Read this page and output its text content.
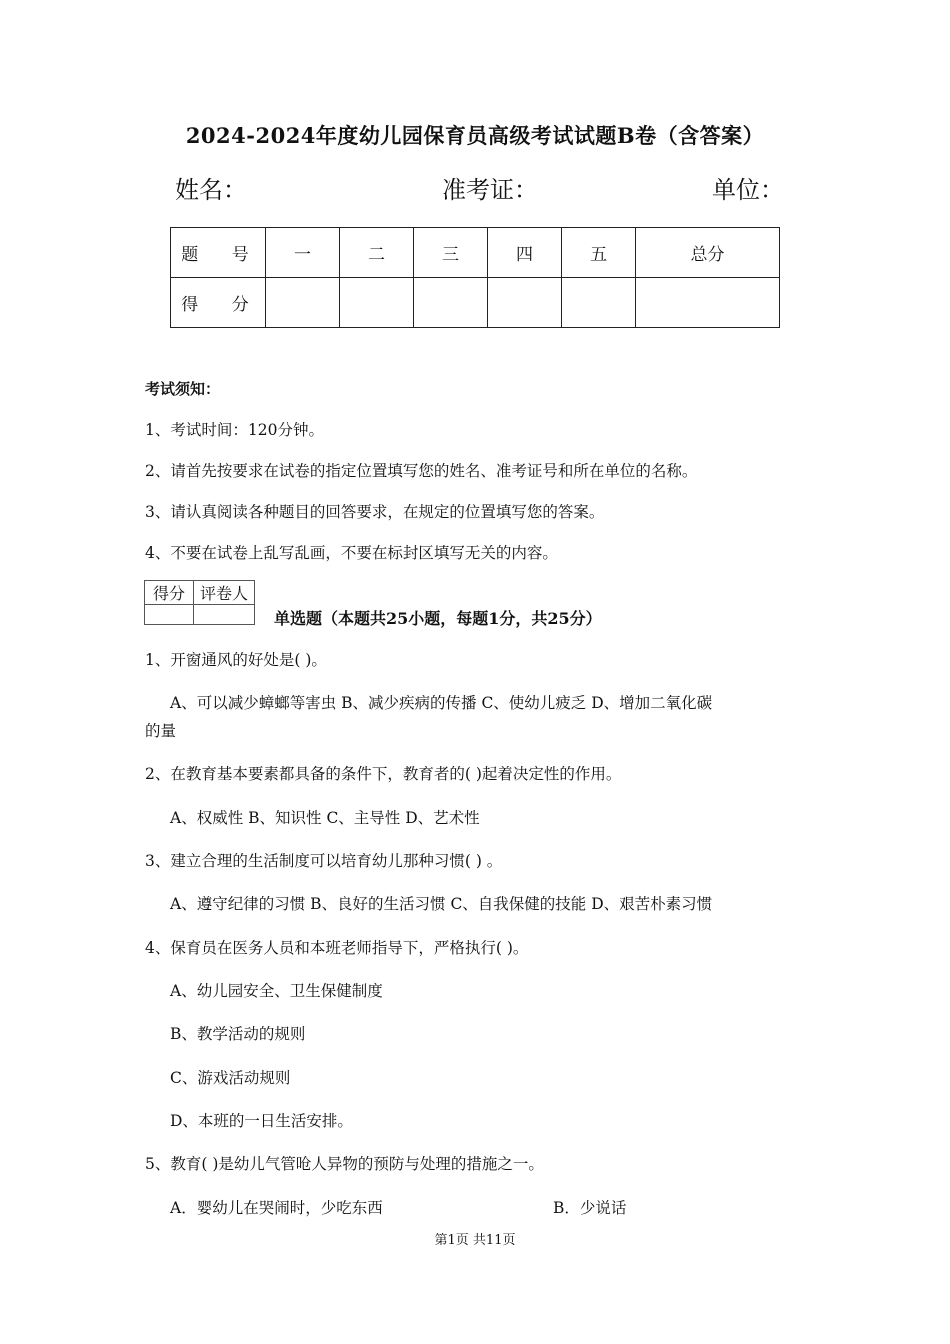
2024-2024年度幼儿园保育员高级考试试题B卷（含答案）
姓名：	准考证：	单位：
题 号	一	二	三	四	五	总分
得 分						
考试须知：
1、考试时间：120分钟。
2、请首先按要求在试卷的指定位置填写您的姓名、准考证号和所在单位的名称。
3、请认真阅读各种题目的回答要求，在规定的位置填写您的答案。
4、不要在试卷上乱写乱画，不要在标封区填写无关的内容。
得分	评卷人

单选题（本题共25小题，每题1分，共25分）
1、开窗通风的好处是( )。
A、可以减少蟑螂等害虫 B、减少疾病的传播 C、使幼儿疲乏 D、增加二氧化碳
的量
2、在教育基本要素都具备的条件下，教育者的( )起着决定性的作用。
A、权威性 B、知识性 C、主导性 D、艺术性
3、建立合理的生活制度可以培育幼儿那种习惯( ) 。
A、遵守纪律的习惯 B、良好的生活习惯 C、自我保健的技能 D、艰苦朴素习惯
4、保育员在医务人员和本班老师指导下，严格执行( )。
A、幼儿园安全、卫生保健制度
B、教学活动的规则
C、游戏活动规则
D、本班的一日生活安排。
5、教育( )是幼儿气管呛人异物的预防与处理的措施之一。
A．婴幼儿在哭闹时，少吃东西	B．少说话
第1页 共11页
